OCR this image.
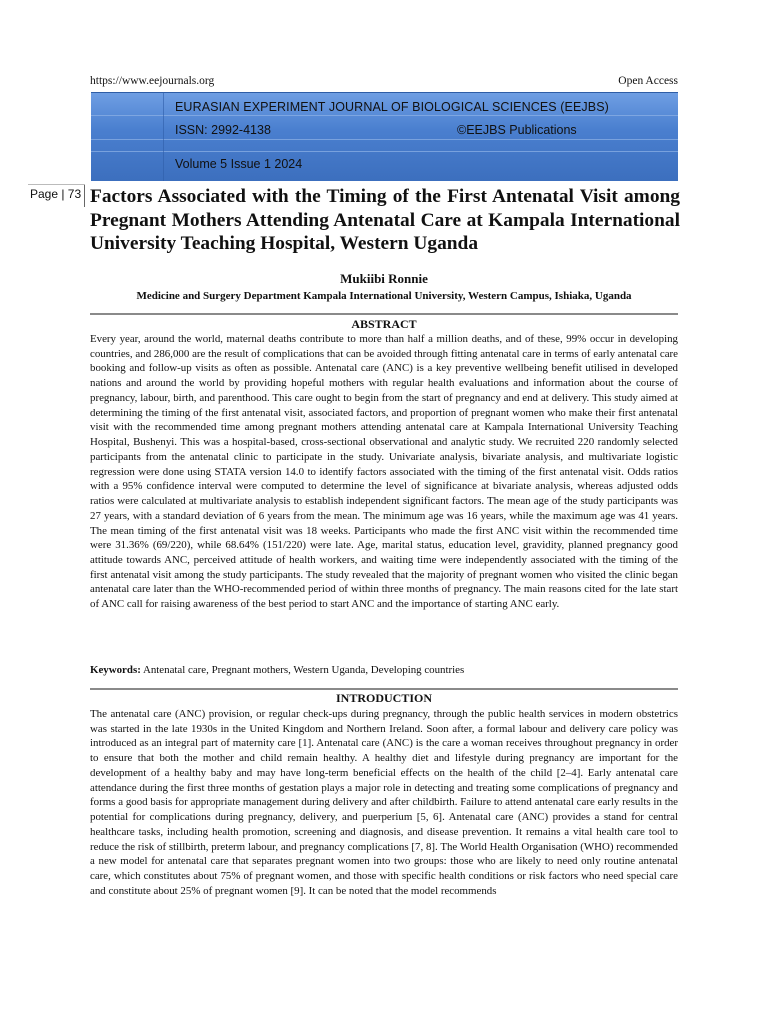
https://www.eejournals.org	Open Access
EURASIAN EXPERIMENT JOURNAL OF BIOLOGICAL SCIENCES (EEJBS)
ISSN: 2992-4138	©EEJBS Publications
Volume 5 Issue 1 2024
Page | 73 Factors Associated with the Timing of the First Antenatal Visit among Pregnant Mothers Attending Antenatal Care at Kampala International University Teaching Hospital, Western Uganda
Mukiibi Ronnie
Medicine and Surgery Department Kampala International University, Western Campus, Ishiaka, Uganda
ABSTRACT

Every year, around the world, maternal deaths contribute to more than half a million deaths, and of these, 99% occur in developing countries, and 286,000 are the result of complications that can be avoided through fitting antenatal care in terms of early antenatal care booking and follow-up visits as often as possible. Antenatal care (ANC) is a key preventive wellbeing benefit utilised in developed nations and around the world by providing hopeful mothers with regular health evaluations and information about the course of pregnancy, labour, birth, and parenthood. This care ought to begin from the start of pregnancy and end at delivery. This study aimed at determining the timing of the first antenatal visit, associated factors, and proportion of pregnant women who make their first antenatal visit with the recommended time among pregnant mothers attending antenatal care at Kampala International University Teaching Hospital, Bushenyi. This was a hospital-based, cross-sectional observational and analytic study. We recruited 220 randomly selected participants from the antenatal clinic to participate in the study. Univariate analysis, bivariate analysis, and multivariate logistic regression were done using STATA version 14.0 to identify factors associated with the timing of the first antenatal visit. Odds ratios with a 95% confidence interval were computed to determine the level of significance at bivariate analysis, whereas adjusted odds ratios were calculated at multivariate analysis to establish independent significant factors. The mean age of the study participants was 27 years, with a standard deviation of 6 years from the mean. The minimum age was 16 years, while the maximum age was 41 years. The mean timing of the first antenatal visit was 18 weeks. Participants who made the first ANC visit within the recommended time were 31.36% (69/220), while 68.64% (151/220) were late. Age, marital status, education level, gravidity, planned pregnancy good attitude towards ANC, perceived attitude of health workers, and waiting time were independently associated with the timing of the first antenatal visit among the study participants. The study revealed that the majority of pregnant women who visited the clinic began antenatal care later than the WHO-recommended period of within three months of pregnancy. The main reasons cited for the late start of ANC call for raising awareness of the best period to start ANC and the importance of starting ANC early.

Keywords: Antenatal care, Pregnant mothers, Western Uganda, Developing countries
INTRODUCTION

The antenatal care (ANC) provision, or regular check-ups during pregnancy, through the public health services in modern obstetrics was started in the late 1930s in the United Kingdom and Northern Ireland. Soon after, a formal labour and delivery care policy was introduced as an integral part of maternity care [1]. Antenatal care (ANC) is the care a woman receives throughout pregnancy in order to ensure that both the mother and child remain healthy. A healthy diet and lifestyle during pregnancy are important for the development of a healthy baby and may have long-term beneficial effects on the health of the child [2–4]. Early antenatal care attendance during the first three months of gestation plays a major role in detecting and treating some complications of pregnancy and forms a good basis for appropriate management during delivery and after childbirth. Failure to attend antenatal care early results in the potential for complications during pregnancy, delivery, and puerperium [5, 6]. Antenatal care (ANC) provides a stand for central healthcare tasks, including health promotion, screening and diagnosis, and disease prevention. It remains a vital health care tool to reduce the risk of stillbirth, preterm labour, and pregnancy complications [7, 8]. The World Health Organisation (WHO) recommended a new model for antenatal care that separates pregnant women into two groups: those who are likely to need only routine antenatal care, which constitutes about 75% of pregnant women, and those with specific health conditions or risk factors who need special care and constitute about 25% of pregnant women [9]. It can be noted that the model recommends
